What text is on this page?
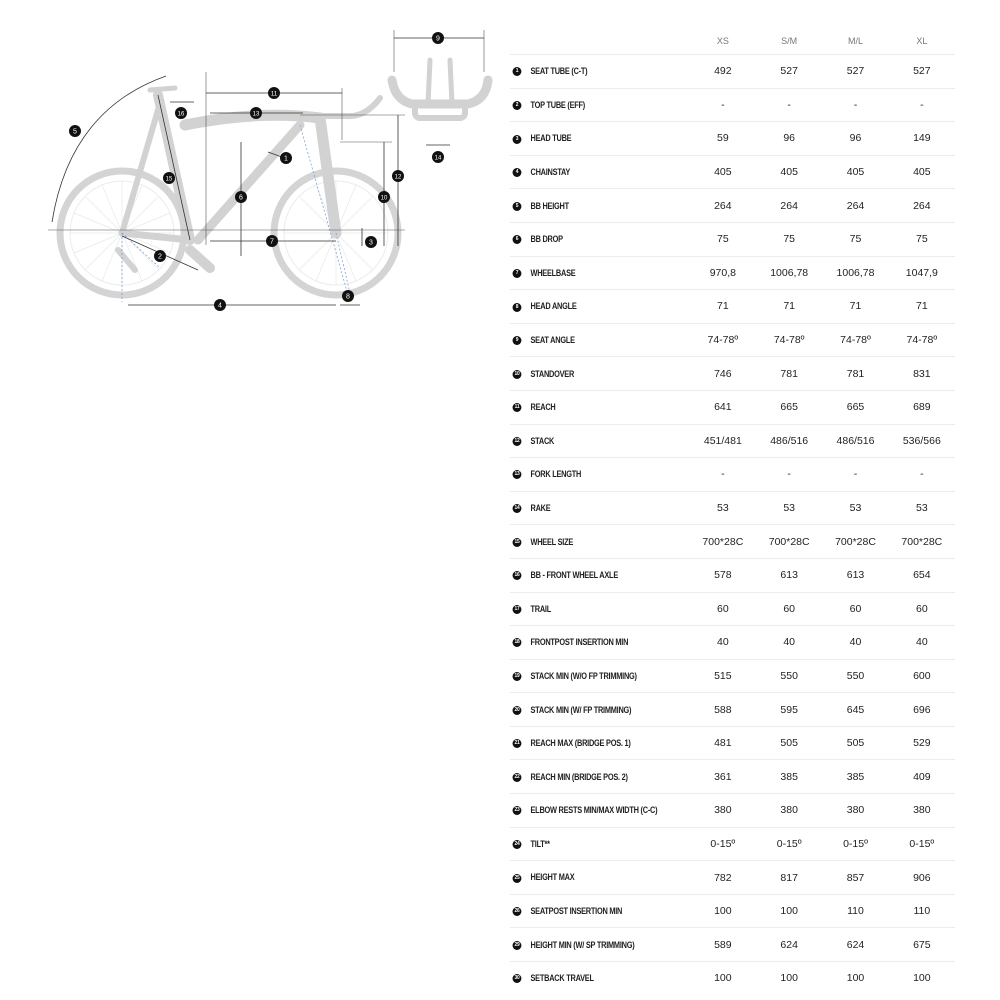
1
2
3
4
5
6
7
8
9
10
11
12
13
14
15
16
	XS	S/M	M/L	XL
1 SEAT TUBE (C-T)	492	527	527	527
2 TOP TUBE (EFF)	-	-	-	-
3 HEAD TUBE	59	96	96	149
4 CHAINSTAY	405	405	405	405
5 BB HEIGHT	264	264	264	264
6 BB DROP	75	75	75	75
7 WHEELBASE	970,8	1006,78	1006,78	1047,9
8 HEAD ANGLE	71	71	71	71
9 SEAT ANGLE	74-78º	74-78º	74-78º	74-78º
10 STANDOVER	746	781	781	831
11 REACH	641	665	665	689
12 STACK	451/481	486/516	486/516	536/566
13 FORK LENGTH	-	-	-	-
14 RAKE	53	53	53	53
15 WHEEL SIZE	700*28C	700*28C	700*28C	700*28C
16 BB - FRONT WHEEL AXLE	578	613	613	654
17 TRAIL	60	60	60	60
18 FRONTPOST INSERTION MIN	40	40	40	40
19 STACK MIN (W/O FP TRIMMING)	515	550	550	600
20 STACK MIN (W/ FP TRIMMING)	588	595	645	696
21 REACH MAX (BRIDGE POS. 1)	481	505	505	529
22 REACH MIN (BRIDGE POS. 2)	361	385	385	409
23 ELBOW RESTS MIN/MAX WIDTH (C-C)	380	380	380	380
24 TILT**	0-15º	0-15º	0-15º	0-15º
25 HEIGHT MAX	782	817	857	906
26 SEATPOST INSERTION MIN	100	100	110	110
29 HEIGHT MIN (W/ SP TRIMMING)	589	624	624	675
30 SETBACK TRAVEL	100	100	100	100
